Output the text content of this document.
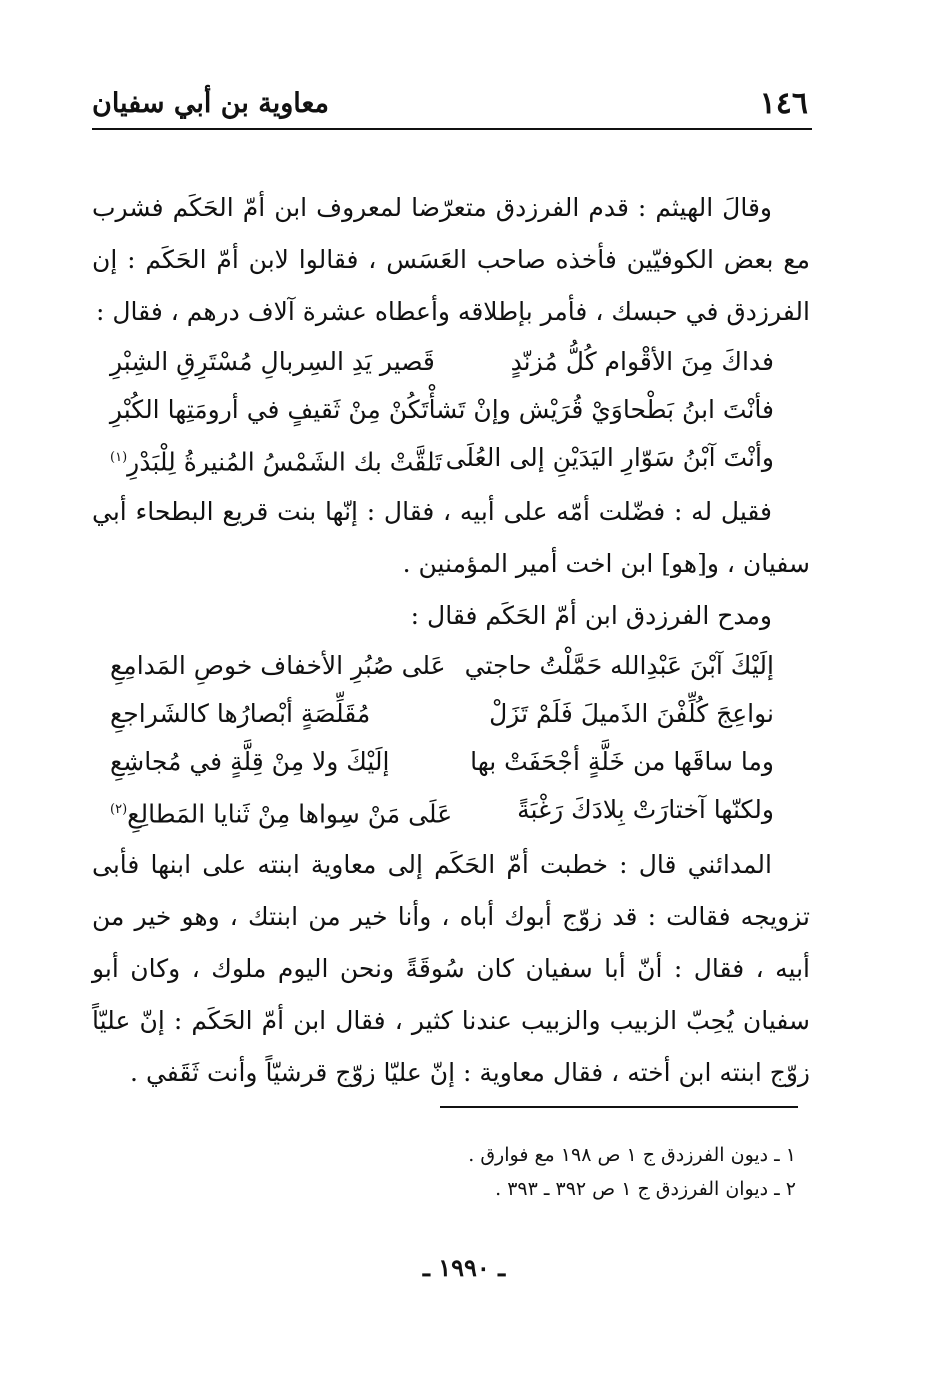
١٤٦
معاوية بن أبي سفيان

وقالَ الهيثم : قدم الفرزدق متعرّضا لمعروف ابن أمّ الحَكَم فشرب مع بعض الكوفيّين فأخذه صاحب العَسَس ، فقالوا لابن أمّ الحَكَم : إن الفرزدق في حبسك ، فأمر بإطلاقه وأعطاه عشرة آلاف درهم ، فقال :

فداكَ مِنَ الأقْوام كُلُّ مُزنّدٍ
قَصير يَدِ السِربالِ مُسْتَرِقِ الشِبْرِ
فأنْتَ ابنُ بَطْحاوَيْ قُرَيْش وإنْ تَشأْ
تَكُنْ مِنْ ثَقيفٍ في أرومَتِها الكُبْرِ
وأنْتَ آبْنُ سَوّارِ اليَدَيْنِ إلى العُلَى
تَلقَّتْ بك الشَمْسُ المُنيرةُ لِلْبَدْرِ$^{(١)}$

فقيل له : فضّلت أمّه على أبيه ، فقال : إنّها بنت قريع البطحاء أبي سفيان ، و[هو] ابن اخت أمير المؤمنين .

ومدح الفرزدق ابن أمّ الحَكَم فقال :

إلَيْكَ آبْنَ عَبْدِالله حَمَّلْتُ حاجتي
عَلى صُبُرِ الأخفاف خوصِ المَدامِعِ
نواعِجَ كُلِّفْنَ الذَميلَ فَلَمْ تَزَلْ
مُقَلِّصَةٍ أبْصارُها كالشَراجعِ
وما ساقَها من خَلَّةٍ أجْحَفَتْ بها
إلَيْكَ ولا مِنْ قِلَّةٍ في مُجاشِعِ
ولكنّها آختارَتْ بِلادَكَ رَغْبَةً
عَلَى مَنْ سِواها مِنْ ثَنايا المَطالِعِ$^{(٢)}$

المدائني قال : خطبت أمّ الحَكَم إلى معاوية ابنته على ابنها فأبى تزويجه فقالت : قد زوّج أبوك أباه ، وأنا خير من ابنتك ، وهو خير من أبيه ، فقال : أنّ أبا سفيان كان سُوقَةً ونحن اليوم ملوك ، وكان أبو سفيان يُحِبّ الزبيب والزبيب عندنا كثير ، فقال ابن أمّ الحَكَم : إنّ عليّاً زوّج ابنته ابن أخته ، فقال معاوية : إنّ عليّا زوّج قرشيّاً وأنت ثَقَفي .

١ ـ ديون الفرزدق ج ١ ص ١٩٨ مع فوارق .
٢ ـ ديوان الفرزدق ج ١ ص ٣٩٢ ـ ٣٩٣ .
ـ ١٩٩٠ ـ
